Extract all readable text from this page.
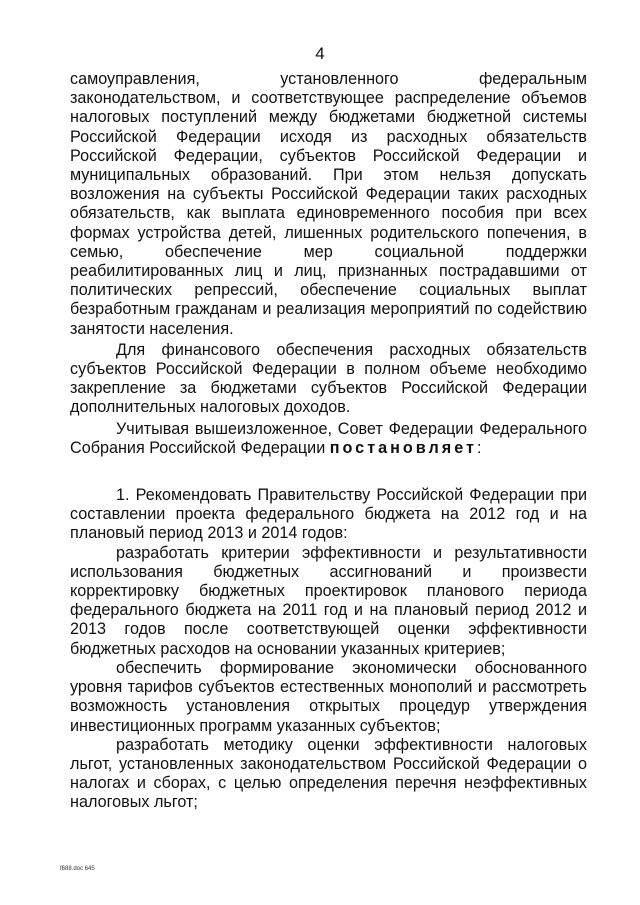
4

самоуправления, установленного федеральным законодательством, и соответствующее распределение объемов налоговых поступлений между бюджетами бюджетной системы Российской Федерации исходя из расходных обязательств Российской Федерации, субъектов Российской Федерации и муниципальных образований. При этом нельзя допускать возложения на субъекты Российской Федерации таких расходных обязательств, как выплата единовременного пособия при всех формах устройства детей, лишенных родительского попечения, в семью, обеспечение мер социальной поддержки реабилитированных лиц и лиц, признанных пострадавшими от политических репрессий, обеспечение социальных выплат безработным гражданам и реализация мероприятий по содействию занятости населения.

Для финансового обеспечения расходных обязательств субъектов Российской Федерации в полном объеме необходимо закрепление за бюджетами субъектов Российской Федерации дополнительных налоговых доходов.

Учитывая вышеизложенное, Совет Федерации Федерального Собрания Российской Федерации постановляет:

1. Рекомендовать Правительству Российской Федерации при составлении проекта федерального бюджета на 2012 год и на плановый период 2013 и 2014 годов:

разработать критерии эффективности и результативности использования бюджетных ассигнований и произвести корректировку бюджетных проектировок планового периода федерального бюджета на 2011 год и на плановый период 2012 и 2013 годов после соответствующей оценки эффективности бюджетных расходов на основании указанных критериев;

обеспечить формирование экономически обоснованного уровня тарифов субъектов естественных монополий и рассмотреть возможность установления открытых процедур утверждения инвестиционных программ указанных субъектов;

разработать методику оценки эффективности налоговых льгот, установленных законодательством Российской Федерации о налогах и сборах, с целью определения перечня неэффективных налоговых льгот;

f688.doc 645
